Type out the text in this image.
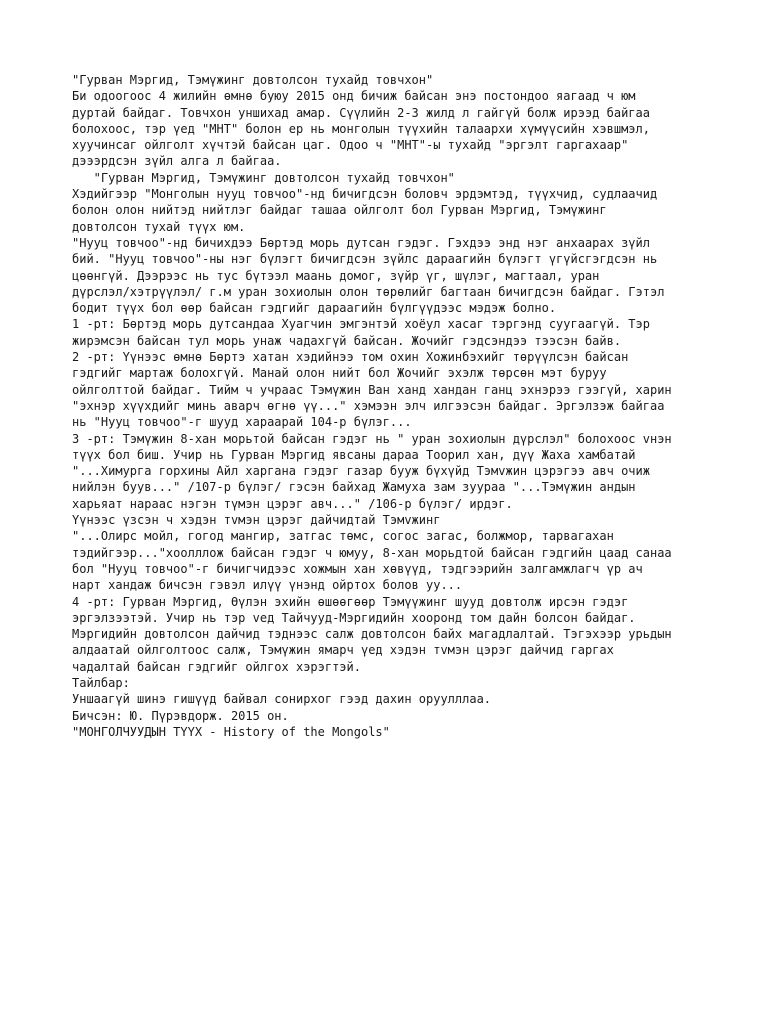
"Гурван Мэргид, Тэмүжинг довтолсон тухайд товчхон"

Би одоогоос 4 жилийн өмнө буюу 2015 онд бичиж байсан энэ постондоо яагаад ч юм

дуртай байдаг. Товчхон уншихад амар. Сүүлийн 2-3 жилд л гайгүй болж ирээд байгаа

болохоос, тэр үед "МНТ" болон ер нь монголын түүхийн талаархи хүмүүсийн хэвшмэл,

хуучинсаг ойлголт хүчтэй байсан цаг. Одоо ч "МНТ"-ы тухайд "эргэлт гаргахаар"

дэээрдсэн зүйл алга л байгаа.

"Гурван Мэргид, Тэмүжинг довтолсон тухайд товчхон"

Хэдийгээр "Монголын нууц товчоо"-нд бичигдсэн боловч эрдэмтэд, түүхчид, судлаачид

болон олон нийтэд нийтлэг байдаг ташаа ойлголт бол Гурван Мэргид, Тэмүжинг

довтолсон тухай түүх юм.

"Нууц товчоо"-нд бичихдээ Бөртэд морь дутсан гэдэг. Гэхдээ энд нэг анхаарах зүйл

бий. "Нууц товчоо"-ны нэг бүлэгт бичигдсэн зүйлс дараагийн бүлэгт үгүйсгэгдсэн нь

цөөнгүй. Дээрээс нь тус бүтээл маань домог, зүйр үг, шүлэг, магтаал, уран

дүрслэл/хэтрүүлэл/ г.м уран зохиолын олон төрөлийг багтаан бичигдсэн байдаг. Гэтэл

бодит түүх бол өөр байсан гэдгийг дараагийн бүлгүүдээс мэдэж болно.

1 -рт: Бөртэд морь дутсандаа Хуагчин эмгэнтэй хоёул хасаг тэргэнд суугаагүй. Тэр

жирэмсэн байсан тул морь унаж чадахгүй байсан. Жочийг гэдсэндээ тээсэн байв.

2 -рт: Үүнээс өмнө Бөртэ хатан хэдийнээ том охин Хожинбэхийг төрүүлсэн байсан

гэдгийг мартаж болохгүй. Манай олон нийт бол Жочийг эхэлж төрсөн мэт буруу

ойлголттой байдаг. Тийм ч учраас Тэмүжин Ван ханд хандан ганц эхнэрээ гээгүй, харин

"эхнэр хүүхдийг минь аварч өгнө үү..." хэмээн элч илгээсэн байдаг. Эргэлзэж байгаа

нь "Нууц товчоо"-г шууд хараарай 104-р бүлэг...

3 -рт: Тэмүжин 8-хан морьтой байсан гэдэг нь " уран зохиолын дүрслэл" болохоос vнэн

түүх бол биш. Учир нь Гурван Мэргид явсаны дараа Тоорил хан, дүү Жаха хамбатай

"...Химурга горхины Айл харгана гэдэг газар бууж бүхүйд Тэмvжин цэрэгээ авч очиж

нийлэн буув..." /107-р бүлэг/ гэсэн байхад Жамуха зам зуураа "...Тэмүжин андын

харьяат нараас нэгэн түмэн цэрэг авч..." /106-р бүлэг/ ирдэг.

Үүнээс үзсэн ч хэдэн тvмэн цэрэг дайчидтай Тэмvжинг

"...Олирс мойл, гогод мангир, затгас төмс, согос загас, болжмор, тарвагахан

тэдийгээр..."хоолллож байсан гэдэг ч юмуу, 8-хан морьдтой байсан гэдгийн цаад санаа

бол "Нууц товчоо"-г бичигчидээс хожмын хан хөвүүд, тэдгээрийн залгамжлагч үр ач

нарт хандаж бичсэн гэвэл илүү үнэнд ойртох болов уу...

4 -рт: Гурван Мэргид, Өүлэн эхийн өшөөгөөр Тэмүүжинг шууд довтолж ирсэн гэдэг

эргэлзээтэй. Учир нь тэр vед Тайчууд-Мэргидийн хооронд том дайн болсон байдаг.

Мэргидийн довтолсон дайчид тэднээс салж довтолсон байх магадлалтай. Тэгэхээр урьдын

алдаатай ойлголтоос салж, Тэмүжин ямарч үед хэдэн тvмэн цэрэг дайчид гаргах

чадалтай байсан гэдгийг ойлгох хэрэгтэй.

Тайлбар:

Уншаагүй шинэ гишүүд байвал сонирхог гээд дахин оруулллаа.

Бичсэн: Ю. Пүрэвдорж. 2015 он.

"МОНГОЛЧУУДЫН ТҮҮХ - History of the Mongols"
